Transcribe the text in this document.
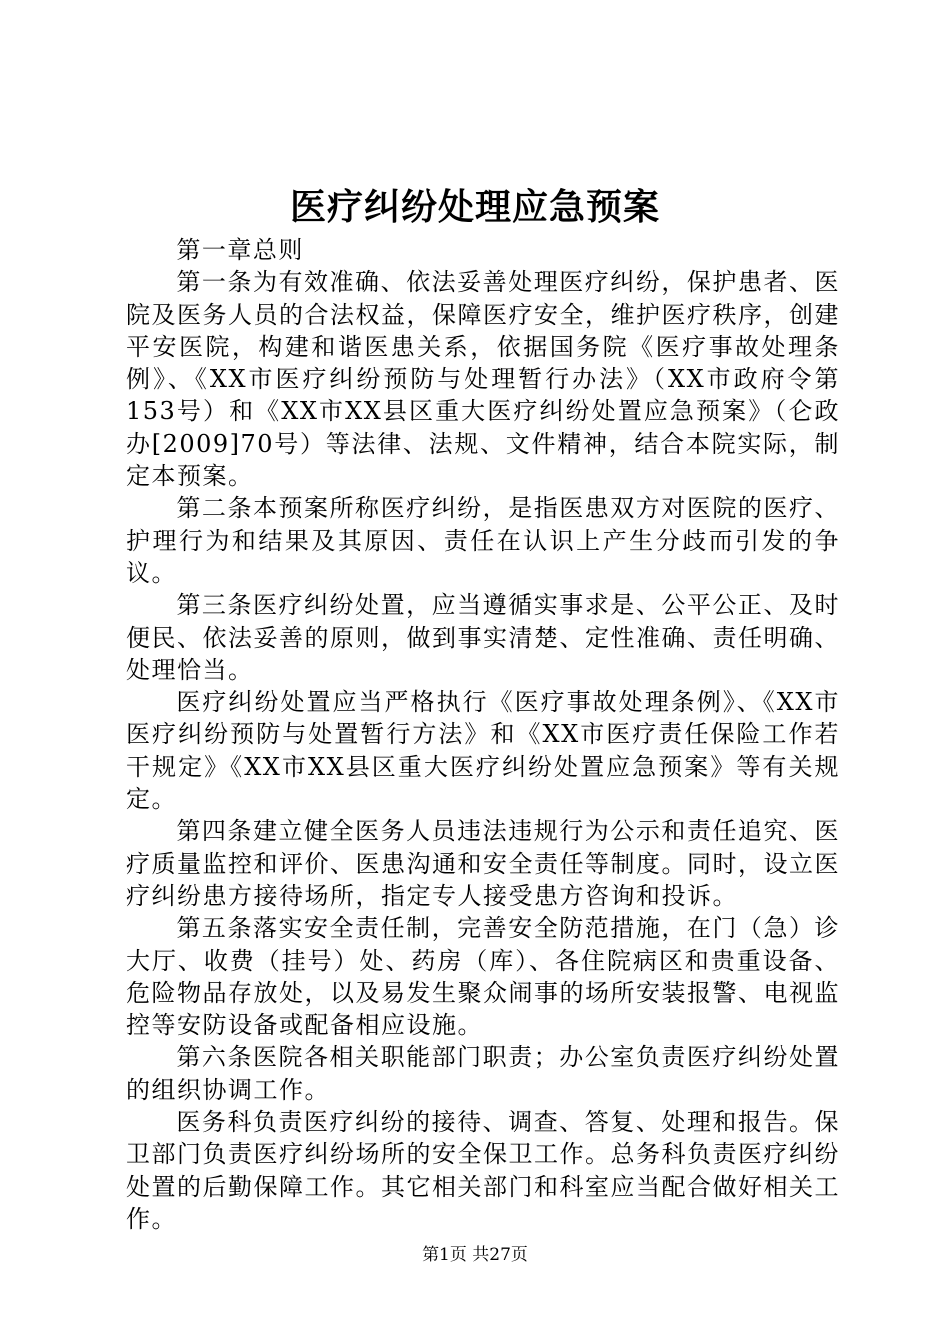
医疗纠纷处理应急预案

第一章总则

第一条为有效准确、依法妥善处理医疗纠纷，保护患者、医院及医务人员的合法权益，保障医疗安全，维护医疗秩序，创建平安医院，构建和谐医患关系，依据国务院《医疗事故处理条例》、《XX市医疗纠纷预防与处理暂行办法》（XX市政府令第153号）和《XX市XX县区重大医疗纠纷处置应急预案》（仑政办[2009]70号）等法律、法规、文件精神，结合本院实际，制定本预案。

第二条本预案所称医疗纠纷，是指医患双方对医院的医疗、护理行为和结果及其原因、责任在认识上产生分歧而引发的争议。

第三条医疗纠纷处置，应当遵循实事求是、公平公正、及时便民、依法妥善的原则，做到事实清楚、定性准确、责任明确、处理恰当。

医疗纠纷处置应当严格执行《医疗事故处理条例》、《XX市医疗纠纷预防与处置暂行方法》和《XX市医疗责任保险工作若干规定》《XX市XX县区重大医疗纠纷处置应急预案》等有关规定。

第四条建立健全医务人员违法违规行为公示和责任追究、医疗质量监控和评价、医患沟通和安全责任等制度。同时，设立医疗纠纷患方接待场所，指定专人接受患方咨询和投诉。

第五条落实安全责任制，完善安全防范措施，在门（急）诊大厅、收费（挂号）处、药房（库）、各住院病区和贵重设备、危险物品存放处，以及易发生聚众闹事的场所安装报警、电视监控等安防设备或配备相应设施。

第六条医院各相关职能部门职责；办公室负责医疗纠纷处置的组织协调工作。

医务科负责医疗纠纷的接待、调查、答复、处理和报告。保卫部门负责医疗纠纷场所的安全保卫工作。总务科负责医疗纠纷处置的后勤保障工作。其它相关部门和科室应当配合做好相关工作。

第1页 共27页
